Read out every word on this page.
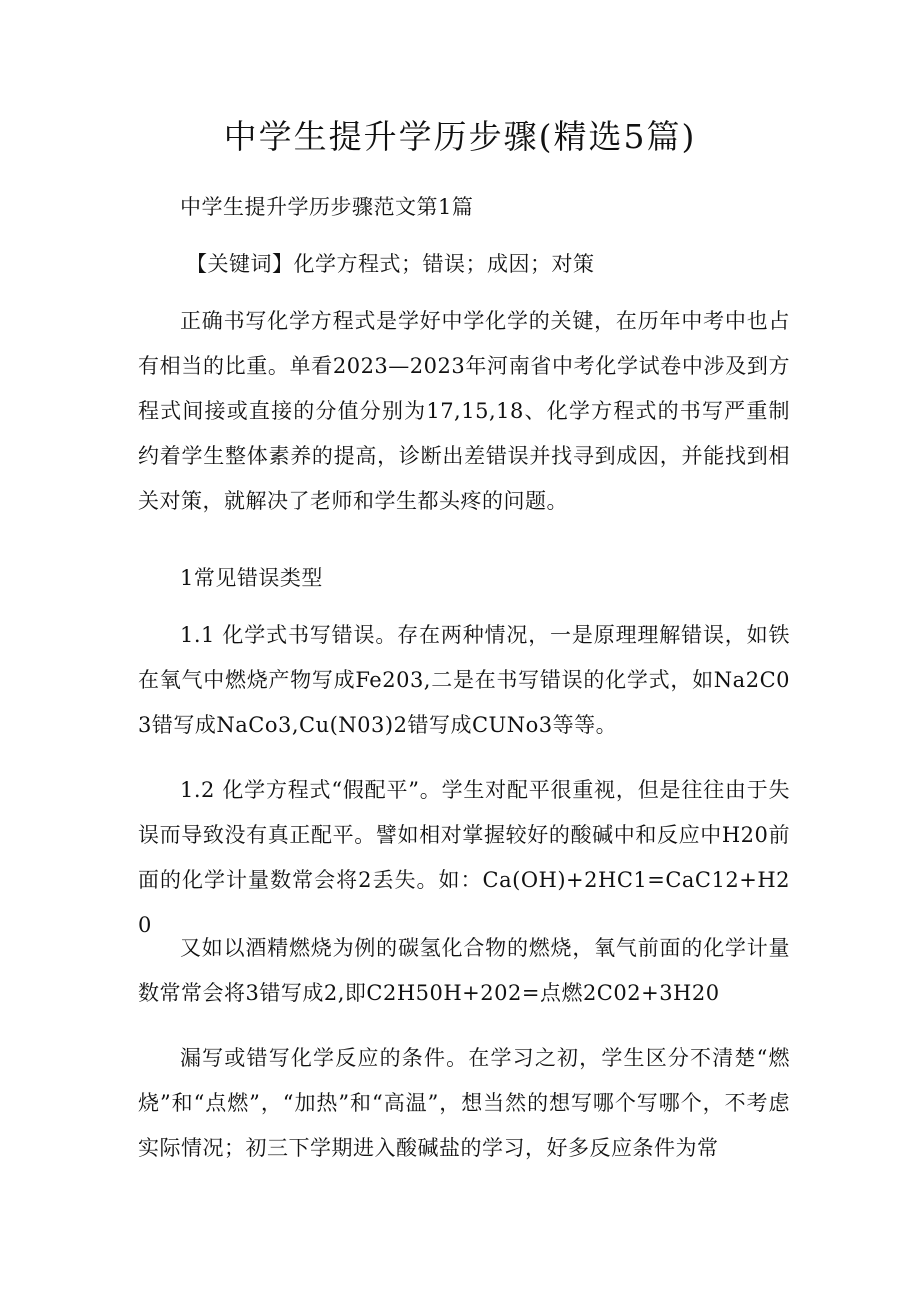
中学生提升学历步骤(精选5篇)

中学生提升学历步骤范文第1篇

【关键词】化学方程式；错误；成因；对策

正确书写化学方程式是学好中学化学的关键，在历年中考中也占有相当的比重。单看2023—2023年河南省中考化学试卷中涉及到方程式间接或直接的分值分别为17,15,18、化学方程式的书写严重制约着学生整体素养的提高，诊断出差错误并找寻到成因，并能找到相关对策，就解决了老师和学生都头疼的问题。

1常见错误类型

1.1 化学式书写错误。存在两种情况，一是原理理解错误，如铁在氧气中燃烧产物写成Fe203,二是在书写错误的化学式，如Na2C03错写成NaCo3,Cu(N03)2错写成CUNo3等等。

1.2 化学方程式“假配平”。学生对配平很重视，但是往往由于失误而导致没有真正配平。譬如相对掌握较好的酸碱中和反应中H20前面的化学计量数常会将2丢失。如：Ca(OH)+2HC1=CaC12+H20

又如以酒精燃烧为例的碳氢化合物的燃烧，氧气前面的化学计量数常常会将3错写成2,即C2H50H+202=点燃2C02+3H20

漏写或错写化学反应的条件。在学习之初，学生区分不清楚“燃烧”和“点燃”，“加热”和“高温”，想当然的想写哪个写哪个，不考虑实际情况；初三下学期进入酸碱盐的学习，好多反应条件为常
